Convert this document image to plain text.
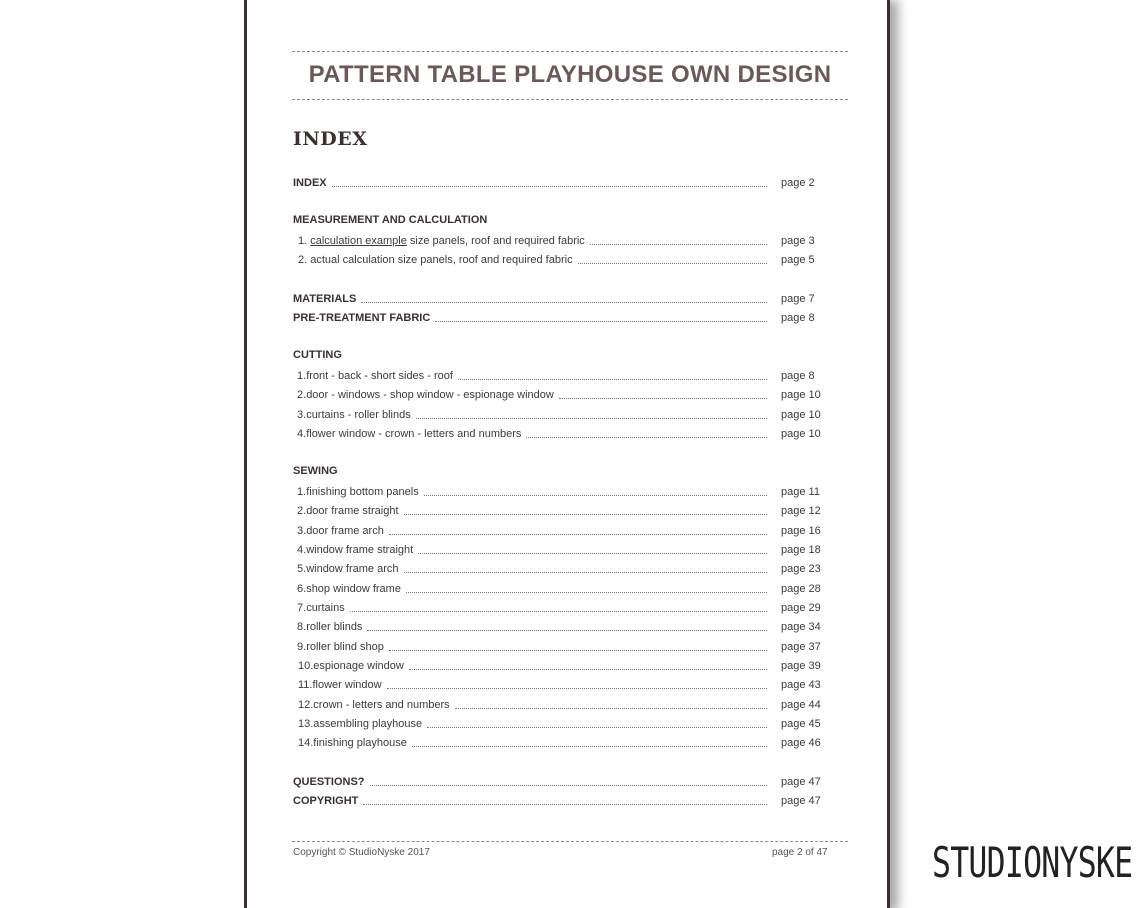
PATTERN TABLE PLAYHOUSE OWN DESIGN
INDEX
INDEX	page 2
MEASUREMENT AND CALCULATION
1. calculation example size panels, roof and required fabric	page 3
2. actual calculation size panels, roof and required fabric	page 5
MATERIALS	page 7
PRE-TREATMENT FABRIC	page 8
CUTTING
1.front - back - short sides - roof	page 8
2.door - windows - shop window - espionage window	page 10
3.curtains - roller blinds	page 10
4.flower window - crown - letters and numbers	page 10
SEWING
1.finishing bottom panels	page 11
2.door frame straight	page 12
3.door frame arch	page 16
4.window frame straight	page 18
5.window frame arch	page 23
6.shop window frame	page 28
7.curtains	page 29
8.roller blinds	page 34
9.roller blind shop	page 37
10.espionage window	page 39
11.flower window	page 43
12.crown - letters and numbers	page 44
13.assembling playhouse	page 45
14.finishing playhouse	page 46
QUESTIONS?	page 47
COPYRIGHT	page 47
Copyright © StudioNyske 2017	page 2 of 47 STUDIONYSKE
